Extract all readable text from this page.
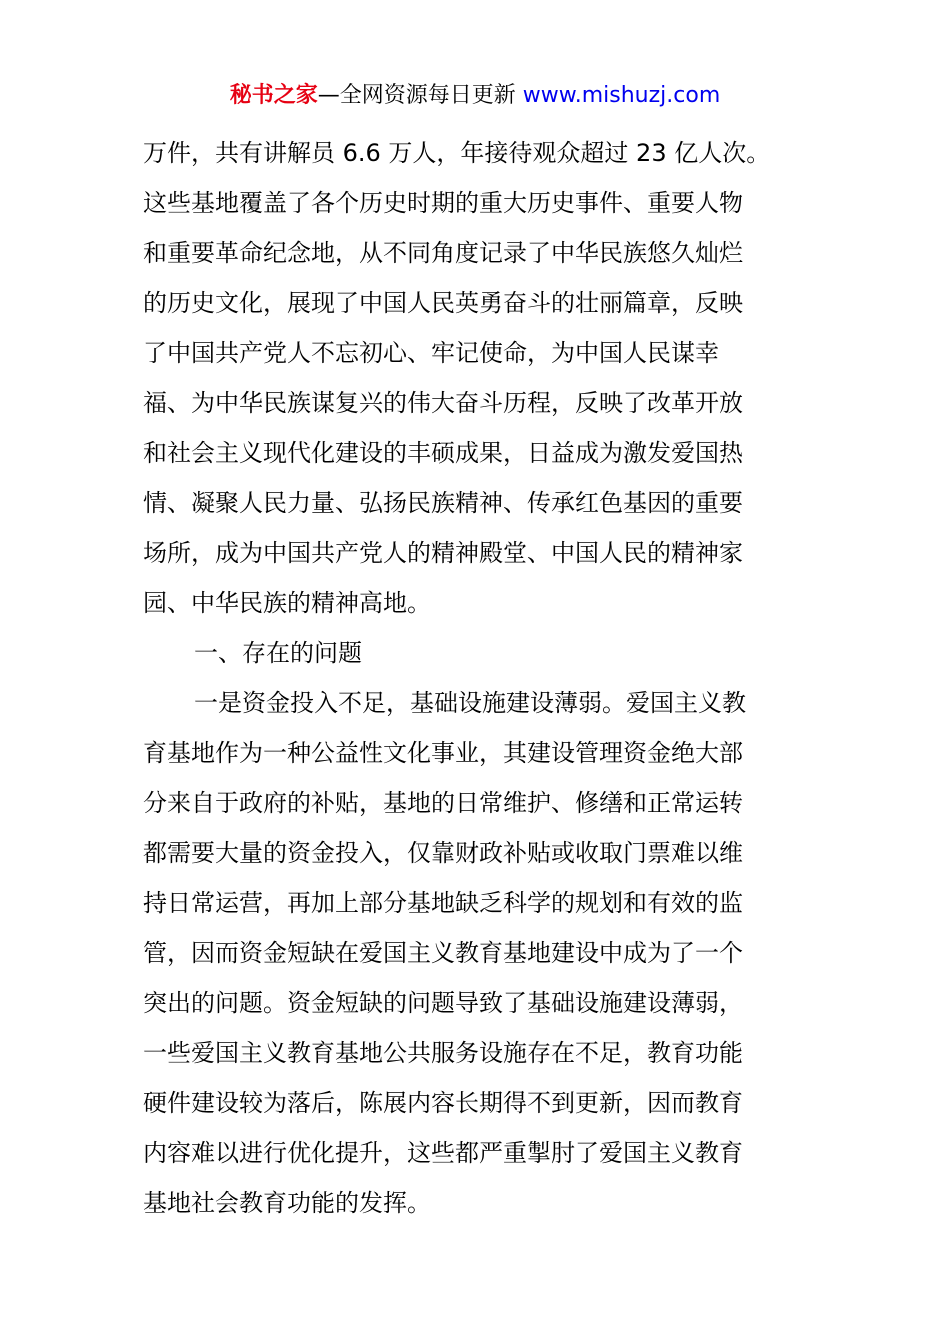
秘书之家—全网资源每日更新 www.mishuzj.com
万件，共有讲解员 6.6 万人，年接待观众超过 23 亿人次。
这些基地覆盖了各个历史时期的重大历史事件、重要人物
和重要革命纪念地，从不同角度记录了中华民族悠久灿烂
的历史文化，展现了中国人民英勇奋斗的壮丽篇章，反映
了中国共产党人不忘初心、牢记使命，为中国人民谋幸
福、为中华民族谋复兴的伟大奋斗历程，反映了改革开放
和社会主义现代化建设的丰硕成果，日益成为激发爱国热
情、凝聚人民力量、弘扬民族精神、传承红色基因的重要
场所，成为中国共产党人的精神殿堂、中国人民的精神家
园、中华民族的精神高地。
一、存在的问题
一是资金投入不足，基础设施建设薄弱。爱国主义教
育基地作为一种公益性文化事业，其建设管理资金绝大部
分来自于政府的补贴，基地的日常维护、修缮和正常运转
都需要大量的资金投入，仅靠财政补贴或收取门票难以维
持日常运营，再加上部分基地缺乏科学的规划和有效的监
管，因而资金短缺在爱国主义教育基地建设中成为了一个
突出的问题。资金短缺的问题导致了基础设施建设薄弱，
一些爱国主义教育基地公共服务设施存在不足，教育功能
硬件建设较为落后，陈展内容长期得不到更新，因而教育
内容难以进行优化提升，这些都严重掣肘了爱国主义教育
基地社会教育功能的发挥。
